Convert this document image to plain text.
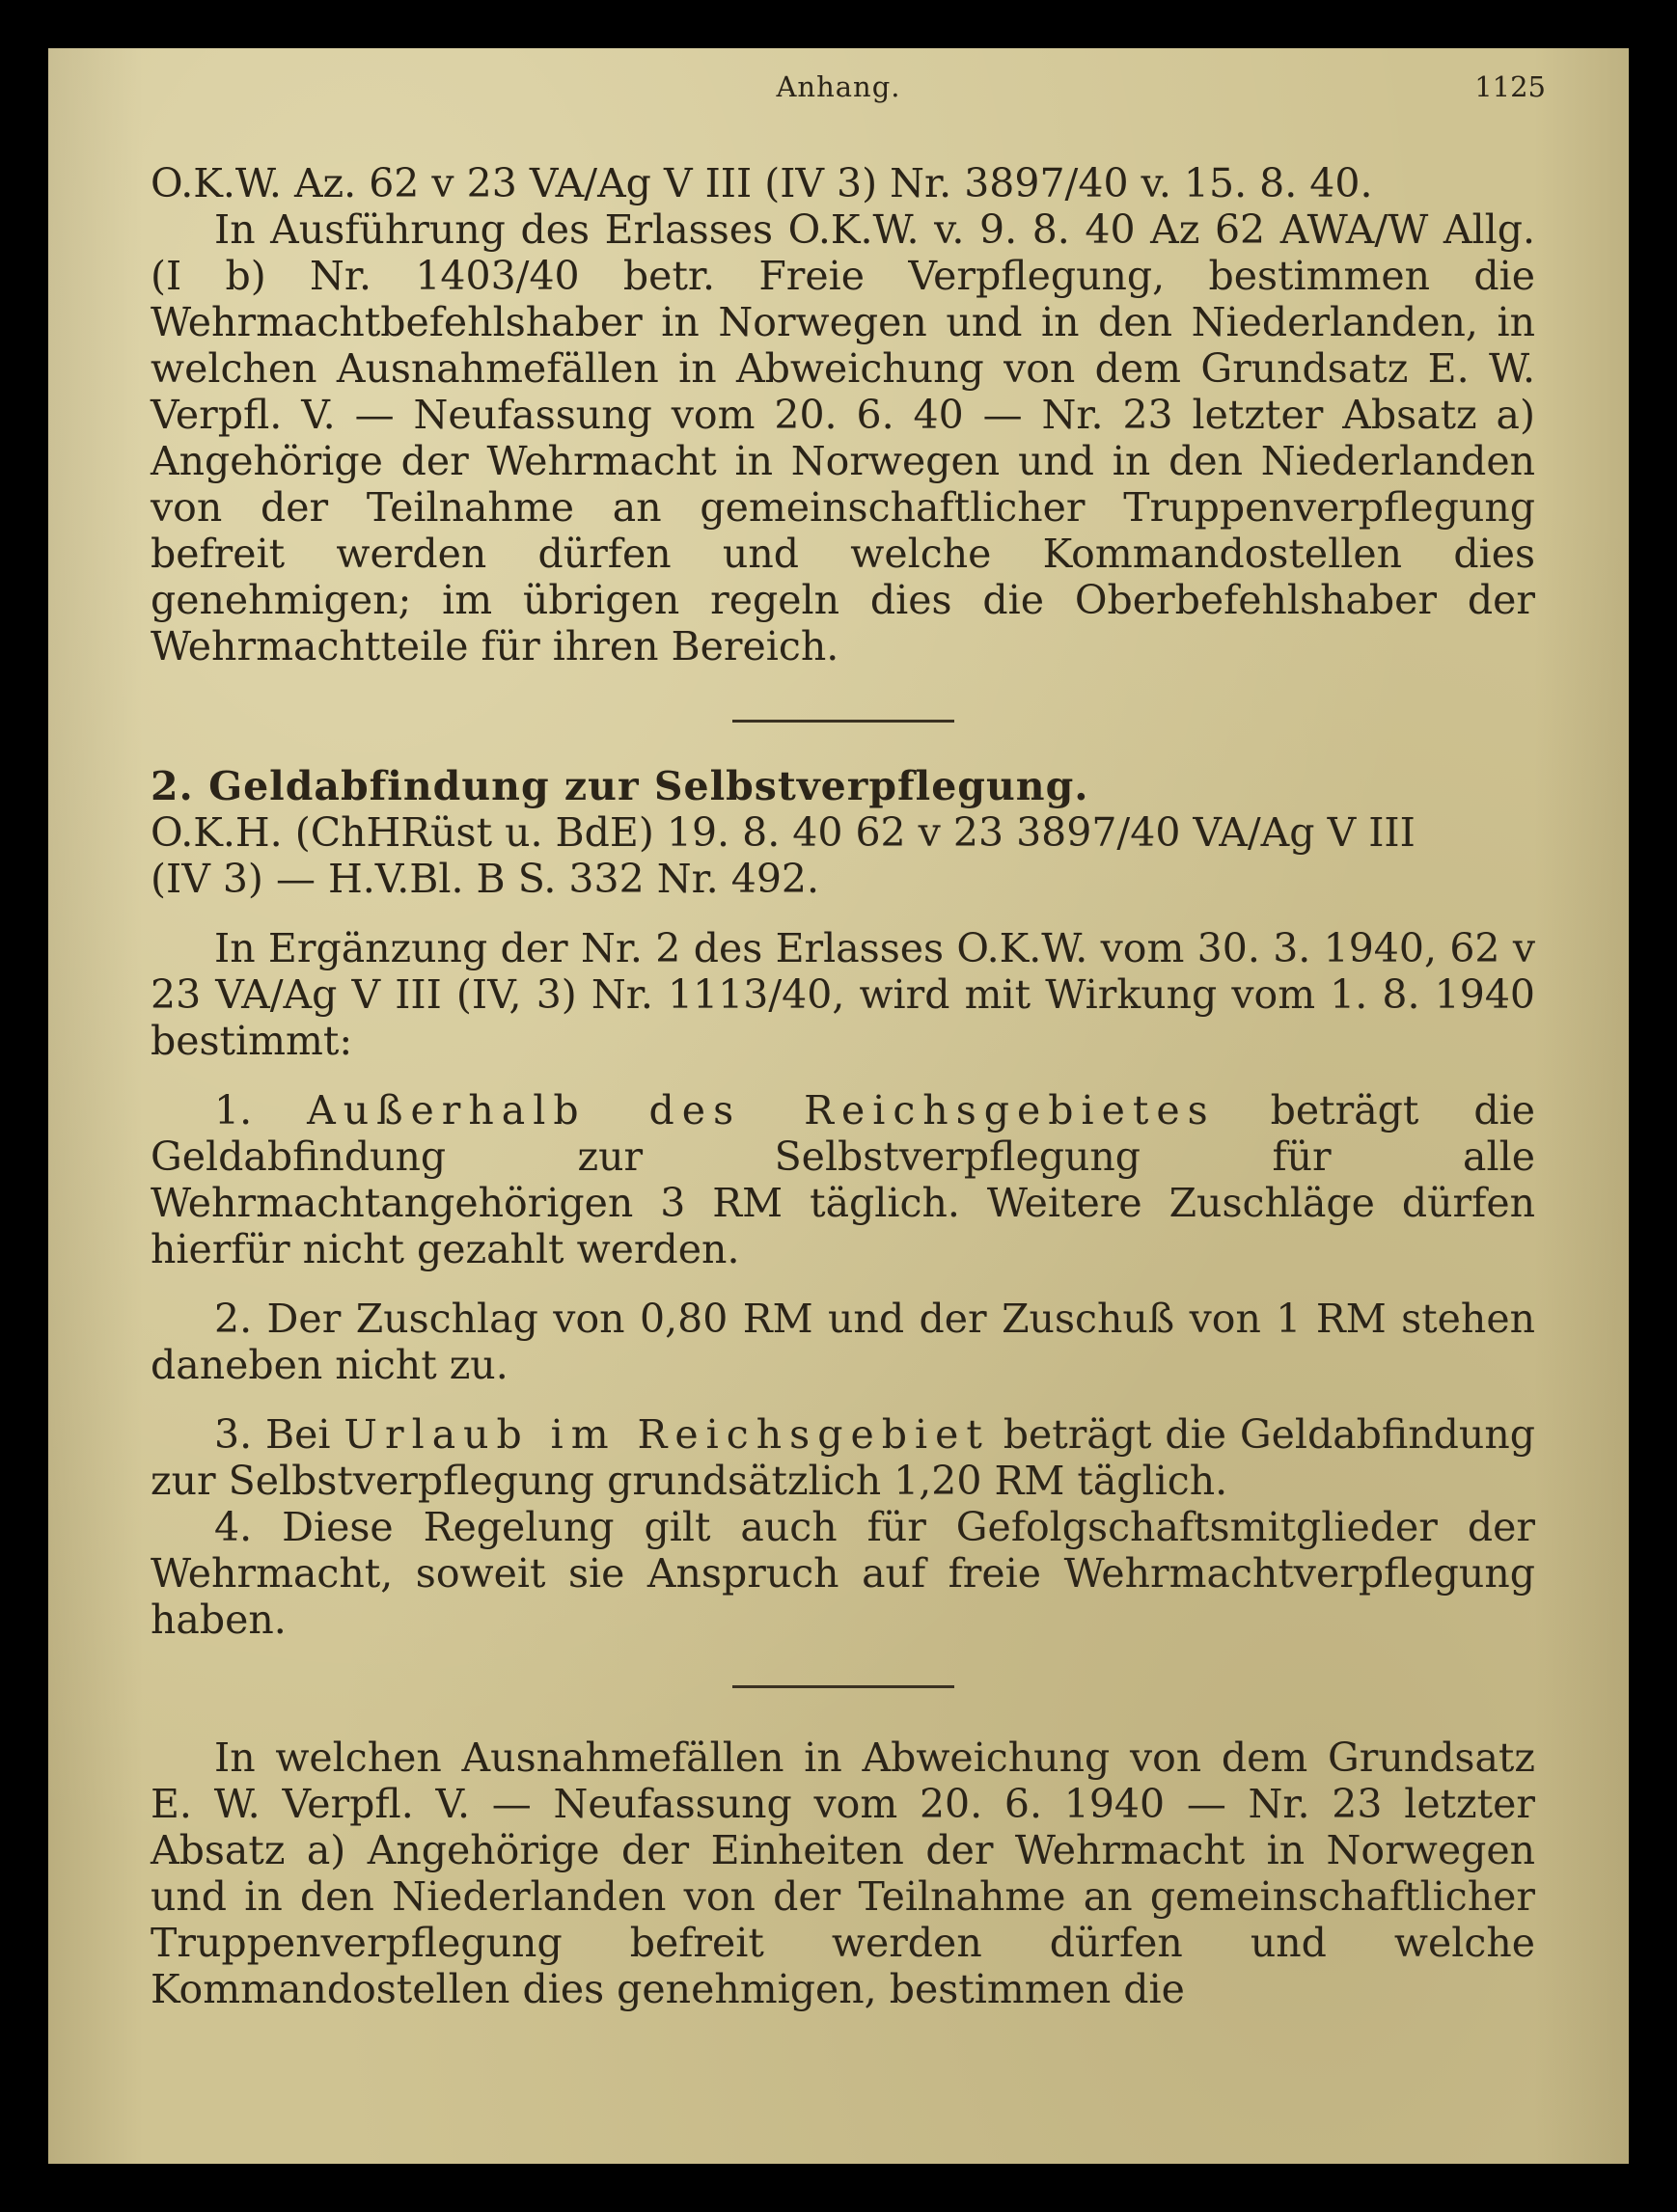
Anhang.	1125

O.K.W. Az. 62 v 23 VA/Ag V III (IV 3) Nr. 3897/40 v. 15. 8. 40.

In Ausführung des Erlasses O.K.W. v. 9. 8. 40 Az 62 AWA/W Allg. (I b) Nr. 1403/40 betr. Freie Verpflegung, bestimmen die Wehrmachtbefehlshaber in Norwegen und in den Niederlanden, in welchen Ausnahmefällen in Abweichung von dem Grundsatz E. W. Verpfl. V. — Neufassung vom 20. 6. 40 — Nr. 23 letzter Absatz a) Angehörige der Wehrmacht in Norwegen und in den Niederlanden von der Teilnahme an gemeinschaftlicher Truppenverpflegung befreit werden dürfen und welche Kommandostellen dies genehmigen; im übrigen regeln dies die Oberbefehlshaber der Wehrmachtteile für ihren Bereich.

2. Geldabfindung zur Selbstverpflegung.

O.K.H. (ChHRüst u. BdE) 19. 8. 40 62 v 23 3897/40 VA/Ag V III

(IV 3) — H.V.Bl. B S. 332 Nr. 492.

In Ergänzung der Nr. 2 des Erlasses O.K.W. vom 30. 3. 1940, 62 v 23 VA/Ag V III (IV, 3) Nr. 1113/40, wird mit Wirkung vom 1. 8. 1940 bestimmt:

1. Außerhalb des Reichsgebietes beträgt die Geldabfindung zur Selbstverpflegung für alle Wehrmachtangehörigen 3 RM täglich. Weitere Zuschläge dürfen hierfür nicht gezahlt werden.

2. Der Zuschlag von 0,80 RM und der Zuschuß von 1 RM stehen daneben nicht zu.

3. Bei Urlaub im Reichsgebiet beträgt die Geldabfindung zur Selbstverpflegung grundsätzlich 1,20 RM täglich.

4. Diese Regelung gilt auch für Gefolgschaftsmitglieder der Wehrmacht, soweit sie Anspruch auf freie Wehrmachtverpflegung haben.

In welchen Ausnahmefällen in Abweichung von dem Grundsatz E. W. Verpfl. V. — Neufassung vom 20. 6. 1940 — Nr. 23 letzter Absatz a) Angehörige der Einheiten der Wehrmacht in Norwegen und in den Niederlanden von der Teilnahme an gemeinschaftlicher Truppenverpflegung befreit werden dürfen und welche Kommandostellen dies genehmigen, bestimmen die
